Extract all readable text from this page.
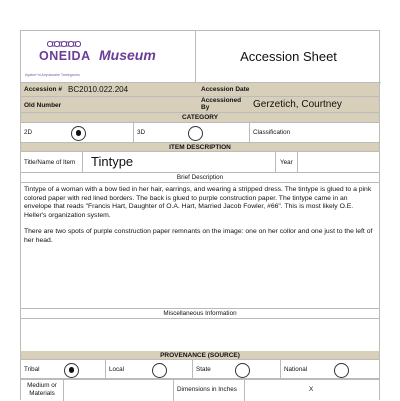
ONEIDA
Ayaton^ni Anyukwahe Tamegaoho
Museum	Accession Sheet
Accession # BC2010.022.204	Accession Date
Old Number
Accessioned By	Gerzetich, Courtney
CATEGORY
2D	3D	Classification
ITEM DESCRIPTION
Title/Name of Item Tintype	Year
Brief Description
Tintype of a woman with a bow tied in her hair, earrings, and wearing a stripped dress. The tintype is glued to a pink colored paper with red lined borders. The back is glued to purple construction paper. The tintype came in an envelope that reads "Francis Hart, Daughter of O.A. Hart, Married Jacob Fowler, #66". This is most likely O.E. Heller's organization system.
There are two spots of purple construction paper remnants on the image: one on her collor and one just to the left of her head.
Miscellaneous Information
PROVENANCE (SOURCE)
Tribal	Local	State	National
Medium or Materials	Dimensions in Inches	X
